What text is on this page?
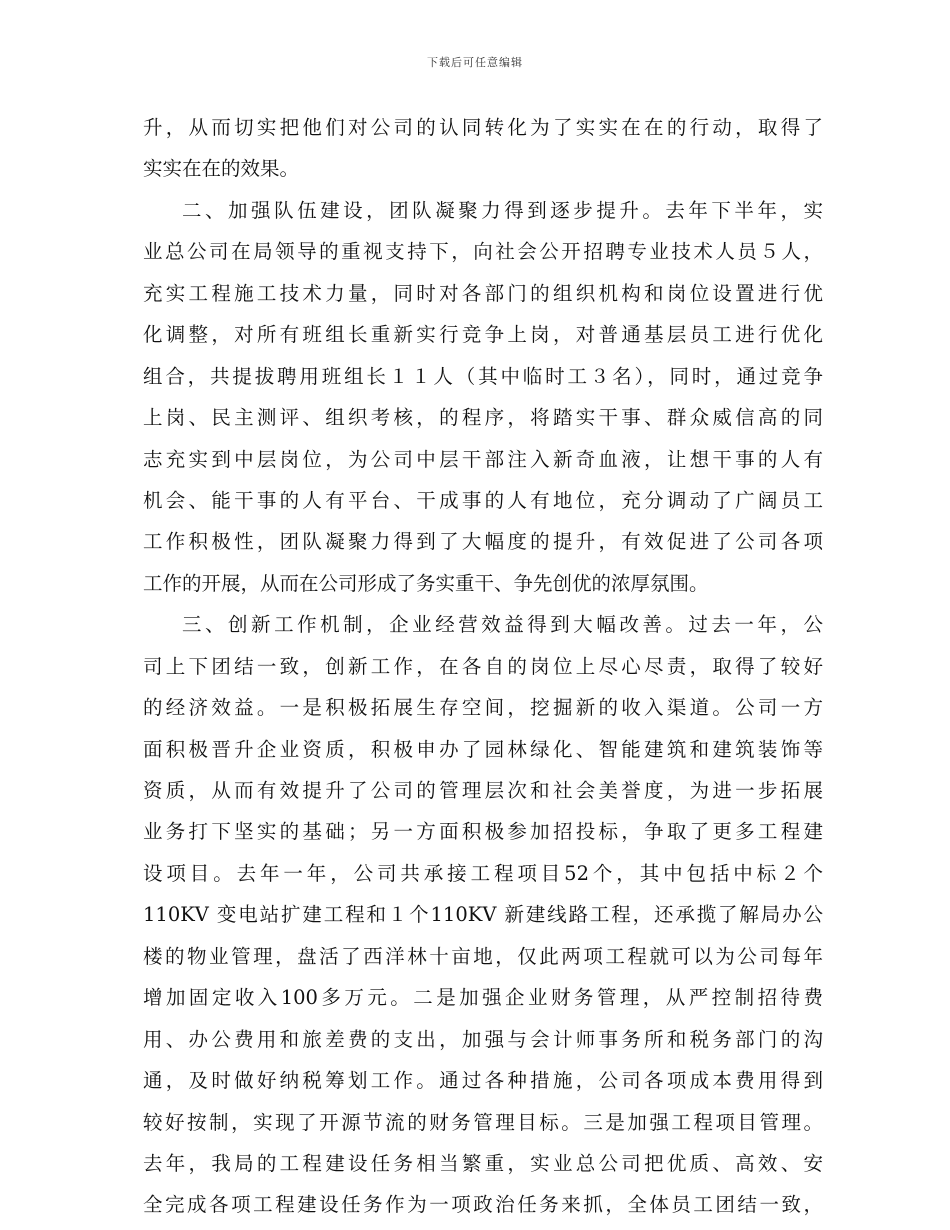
下载后可任意编辑
升，从而切实把他们对公司的认同转化为了实实在在的行动，取得了
实实在在的效果。
二、加强队伍建设，团队凝聚力得到逐步提升。去年下半年，实
业总公司在局领导的重视支持下，向社会公开招聘专业技术人员５人，
充实工程施工技术力量，同时对各部门的组织机构和岗位设置进行优
化调整，对所有班组长重新实行竞争上岗，对普通基层员工进行优化
组合，共提拔聘用班组长１１人（其中临时工３名），同时，通过竞争
上岗、民主测评、组织考核，的程序，将踏实干事、群众威信高的同
志充实到中层岗位，为公司中层干部注入新奇血液，让想干事的人有
机会、能干事的人有平台、干成事的人有地位，充分调动了广阔员工
工作积极性，团队凝聚力得到了大幅度的提升，有效促进了公司各项
工作的开展，从而在公司形成了务实重干、争先创优的浓厚氛围。
三、创新工作机制，企业经营效益得到大幅改善。过去一年，公
司上下团结一致，创新工作，在各自的岗位上尽心尽责，取得了较好
的经济效益。一是积极拓展生存空间，挖掘新的收入渠道。公司一方
面积极晋升企业资质，积极申办了园林绿化、智能建筑和建筑装饰等
资质，从而有效提升了公司的管理层次和社会美誉度，为进一步拓展
业务打下坚实的基础；另一方面积极参加招投标，争取了更多工程建
设项目。去年一年，公司共承接工程项目52个，其中包括中标２个
110KV 变电站扩建工程和１个110KV 新建线路工程，还承揽了解局办公
楼的物业管理，盘活了西洋林十亩地，仅此两项工程就可以为公司每年
增加固定收入100多万元。二是加强企业财务管理，从严控制招待费
用、办公费用和旅差费的支出，加强与会计师事务所和税务部门的沟
通，及时做好纳税筹划工作。通过各种措施，公司各项成本费用得到
较好按制，实现了开源节流的财务管理目标。三是加强工程项目管理。
去年，我局的工程建设任务相当繁重，实业总公司把优质、高效、安
全完成各项工程建设任务作为一项政治任务来抓，全体员工团结一致，
